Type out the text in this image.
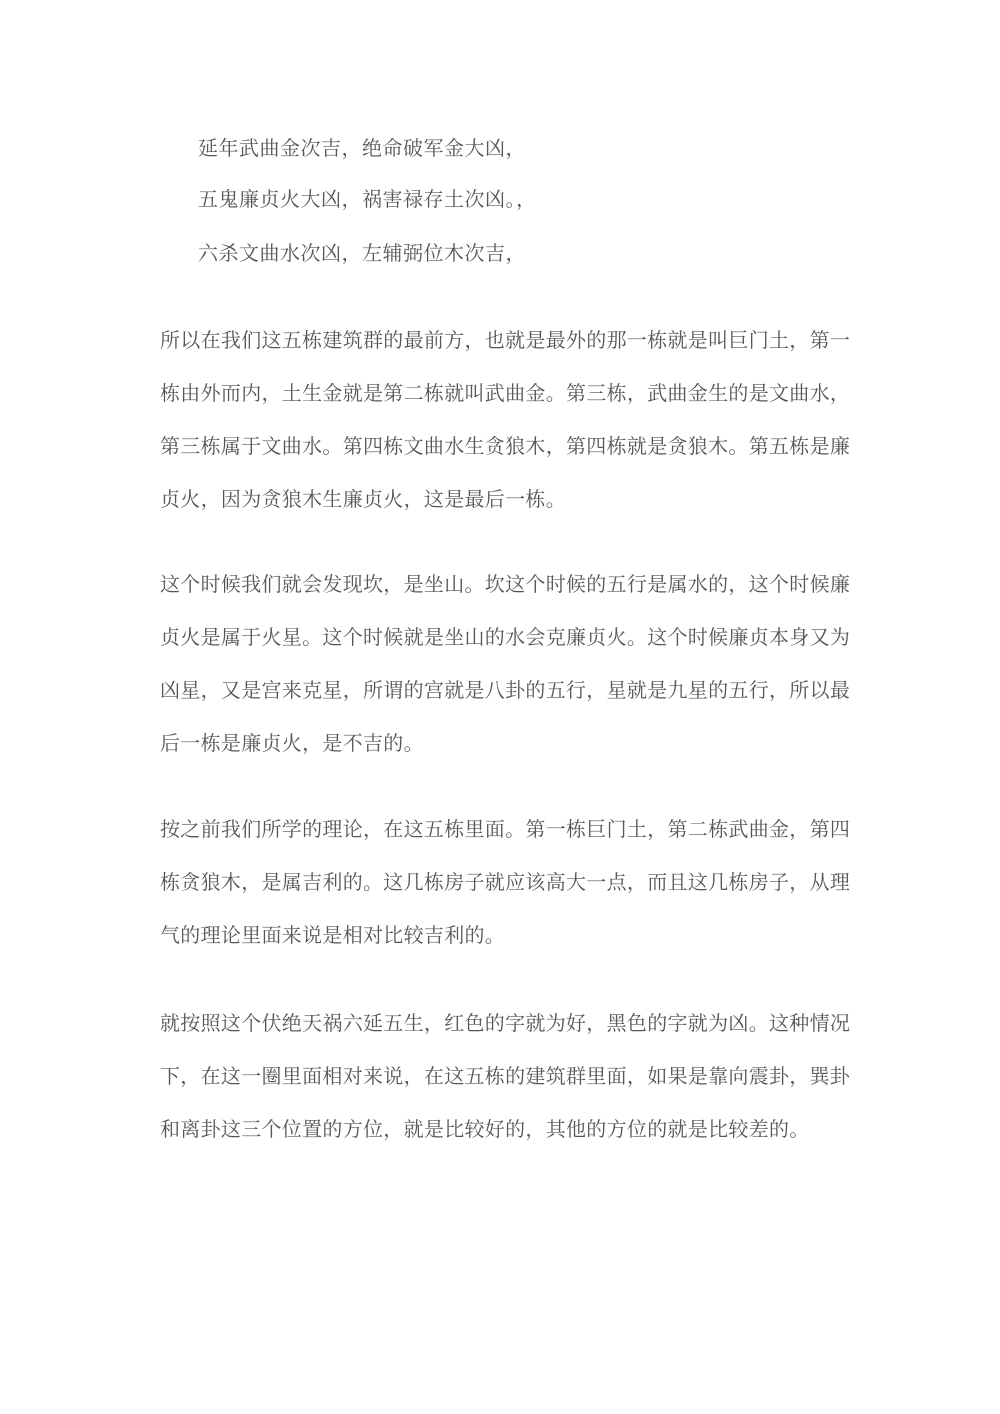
延年武曲金次吉，绝命破军金大凶，
五鬼廉贞火大凶，祸害禄存土次凶。，
六杀文曲水次凶，左辅弼位木次吉，
所以在我们这五栋建筑群的最前方，也就是最外的那一栋就是叫巨门土，第一
栋由外而内，土生金就是第二栋就叫武曲金。第三栋，武曲金生的是文曲水，
第三栋属于文曲水。第四栋文曲水生贪狼木，第四栋就是贪狼木。第五栋是廉
贞火，因为贪狼木生廉贞火，这是最后一栋。
这个时候我们就会发现坎，是坐山。坎这个时候的五行是属水的，这个时候廉
贞火是属于火星。这个时候就是坐山的水会克廉贞火。这个时候廉贞本身又为
凶星，又是宫来克星，所谓的宫就是八卦的五行，星就是九星的五行，所以最
后一栋是廉贞火，是不吉的。
按之前我们所学的理论，在这五栋里面。第一栋巨门土，第二栋武曲金，第四
栋贪狼木，是属吉利的。这几栋房子就应该高大一点，而且这几栋房子，从理
气的理论里面来说是相对比较吉利的。
就按照这个伏绝天祸六延五生，红色的字就为好，黑色的字就为凶。这种情况
下，在这一圈里面相对来说，在这五栋的建筑群里面，如果是靠向震卦，巽卦
和离卦这三个位置的方位，就是比较好的，其他的方位的就是比较差的。
